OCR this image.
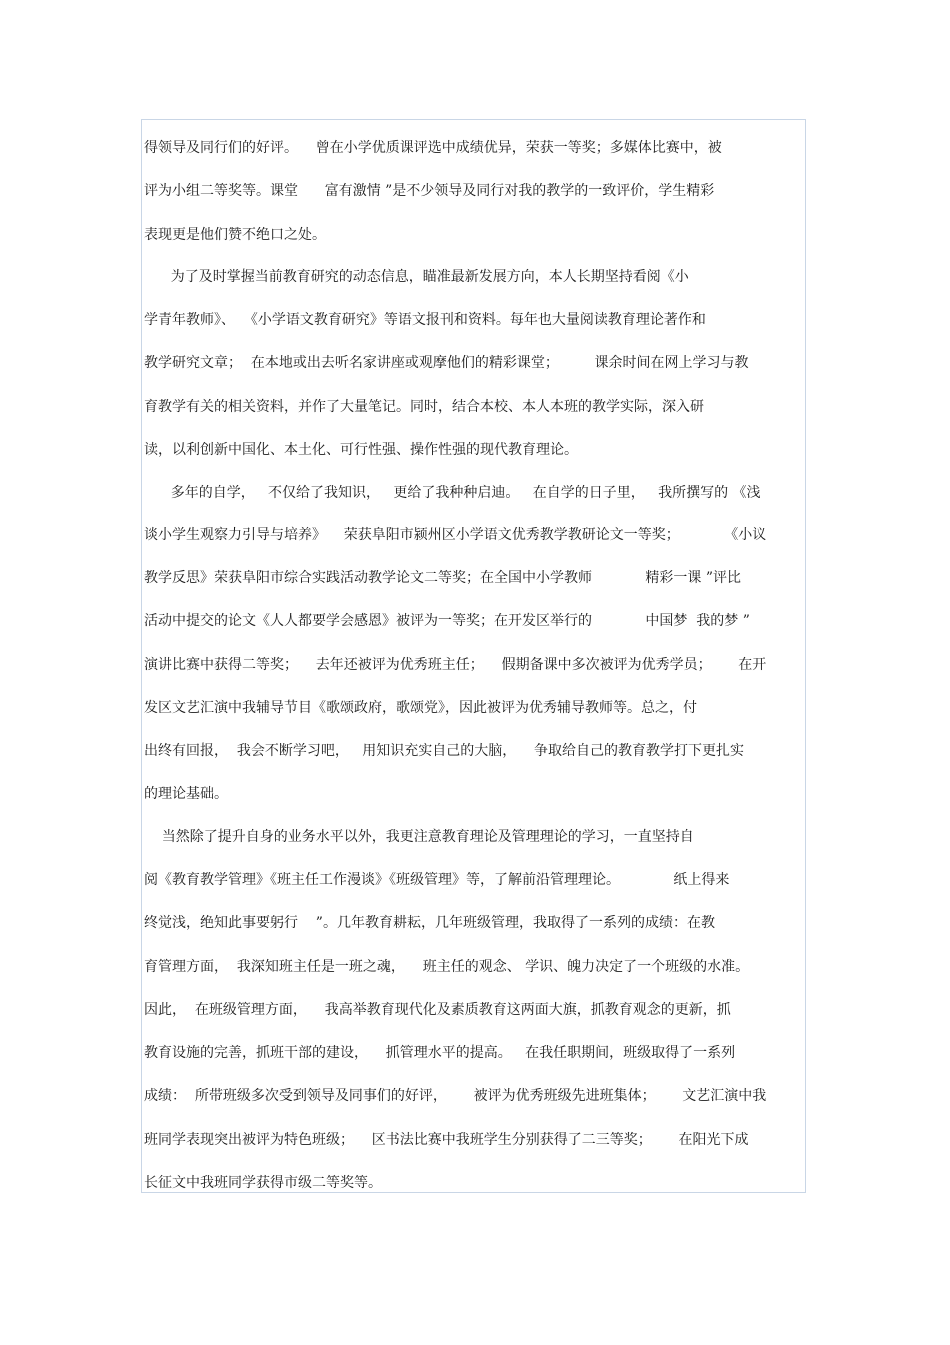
得领导及同行们的好评。    曾在小学优质课评选中成绩优异，荣获一等奖；多媒体比赛中，被
评为小组二等奖等。课堂      富有激情 ”是不少领导及同行对我的教学的一致评价，学生精彩
表现更是他们赞不绝口之处。
为了及时掌握当前教育研究的动态信息，瞄准最新发展方向，本人长期坚持看阅《小
学青年教师》、  《小学语文教育研究》等语文报刊和资料。每年也大量阅读教育理论著作和
教学研究文章；  在本地或出去听名家讲座或观摩他们的精彩课堂；        课余时间在网上学习与教
育教学有关的相关资料，并作了大量笔记。同时，结合本校、本人本班的教学实际，深入研
读，以利创新中国化、本土化、可行性强、操作性强的现代教育理论。
多年的自学，   不仅给了我知识，   更给了我种种启迪。   在自学的日子里，   我所撰写的 《浅
谈小学生观察力引导与培养》    荣获阜阳市颍州区小学语文优秀教学教研论文一等奖；          《小议
教学反思》荣获阜阳市综合实践活动教学论文二等奖；在全国中小学教师            精彩一课 ”评比
活动中提交的论文《人人都要学会感恩》被评为一等奖；在开发区举行的            中国梦  我的梦 ”
演讲比赛中获得二等奖；    去年还被评为优秀班主任；    假期备课中多次被评为优秀学员；      在开
发区文艺汇演中我辅导节目《歌颂政府，歌颂党》，因此被评为优秀辅导教师等。总之，付
出终有回报，  我会不断学习吧，   用知识充实自己的大脑，    争取给自己的教育教学打下更扎实
的理论基础。
当然除了提升自身的业务水平以外，我更注意教育理论及管理理论的学习，一直坚持自
阅《教育教学管理》《班主任工作漫谈》《班级管理》等，了解前沿管理理论。            纸上得来
终觉浅，绝知此事要躬行    ”。几年教育耕耘，几年班级管理，我取得了一系列的成绩：在教
育管理方面，  我深知班主任是一班之魂，    班主任的观念、 学识、魄力决定了一个班级的水准。
因此，  在班级管理方面，    我高举教育现代化及素质教育这两面大旗，抓教育观念的更新，抓
教育设施的完善，抓班干部的建设，    抓管理水平的提高。   在我任职期间，班级取得了一系列
成绩：  所带班级多次受到领导及同事们的好评，      被评为优秀班级先进班集体；      文艺汇演中我
班同学表现突出被评为特色班级；    区书法比赛中我班学生分别获得了二三等奖；      在阳光下成
长征文中我班同学获得市级二等奖等。
